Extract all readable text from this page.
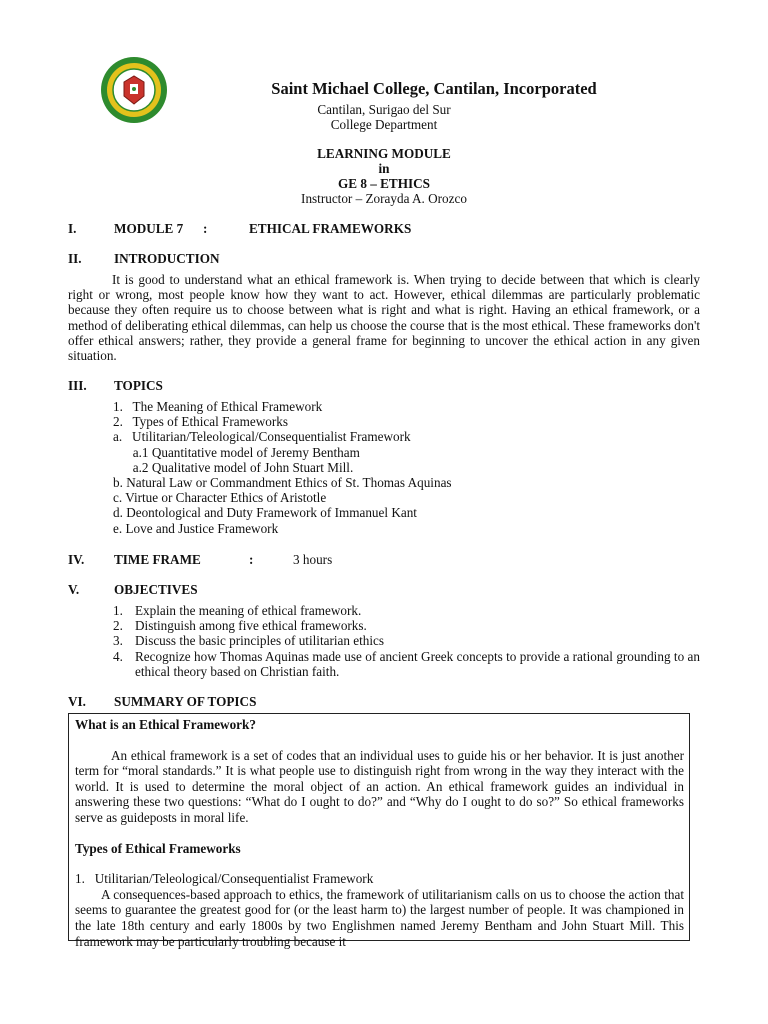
Saint Michael College, Cantilan, Incorporated
Cantilan, Surigao del Sur
College Department
LEARNING MODULE
in
GE 8 – ETHICS
Instructor – Zorayda A. Orozco
I.	MODULE 7 :	ETHICAL FRAMEWORKS
II. INTRODUCTION
It is good to understand what an ethical framework is. When trying to decide between that which is clearly right or wrong, most people know how they want to act. However, ethical dilemmas are particularly problematic because they often require us to choose between what is right and what is right. Having an ethical framework, or a method of deliberating ethical dilemmas, can help us choose the course that is the most ethical. These frameworks don't offer ethical answers; rather, they provide a general frame for beginning to uncover the ethical action in any given situation.
III. TOPICS
1.   The Meaning of Ethical Framework
2.   Types of Ethical Frameworks
a.   Utilitarian/Teleological/Consequentialist Framework
a.1 Quantitative model of Jeremy Bentham
a.2 Qualitative model of John Stuart Mill.
b. Natural Law or Commandment Ethics of St. Thomas Aquinas
c. Virtue or Character Ethics of Aristotle
d. Deontological and Duty Framework of Immanuel Kant
e. Love and Justice Framework
IV. TIME FRAME	:	3 hours
V.	OBJECTIVES
1. Explain the meaning of ethical framework.
2. Distinguish among five ethical frameworks.
3. Discuss the basic principles of utilitarian ethics
4. Recognize how Thomas Aquinas made use of ancient Greek concepts to provide a rational grounding to an ethical theory based on Christian faith.
VI. SUMMARY OF TOPICS

What is an Ethical Framework?

An ethical framework is a set of codes that an individual uses to guide his or her behavior. It is just another term for “moral standards.” It is what people use to distinguish right from wrong in the way they interact with the world. It is used to determine the moral object of an action. An ethical framework guides an individual in answering these two questions: “What do I ought to do?” and “Why do I ought to do so?” So ethical frameworks serve as guideposts in moral life.

Types of Ethical Frameworks

1.   Utilitarian/Teleological/Consequentialist Framework

A consequences-based approach to ethics, the framework of utilitarianism calls on us to choose the action that seems to guarantee the greatest good for (or the least harm to) the largest number of people. It was championed in the late 18th century and early 1800s by two Englishmen named Jeremy Bentham and John Stuart Mill. This framework may be particularly troubling because it
